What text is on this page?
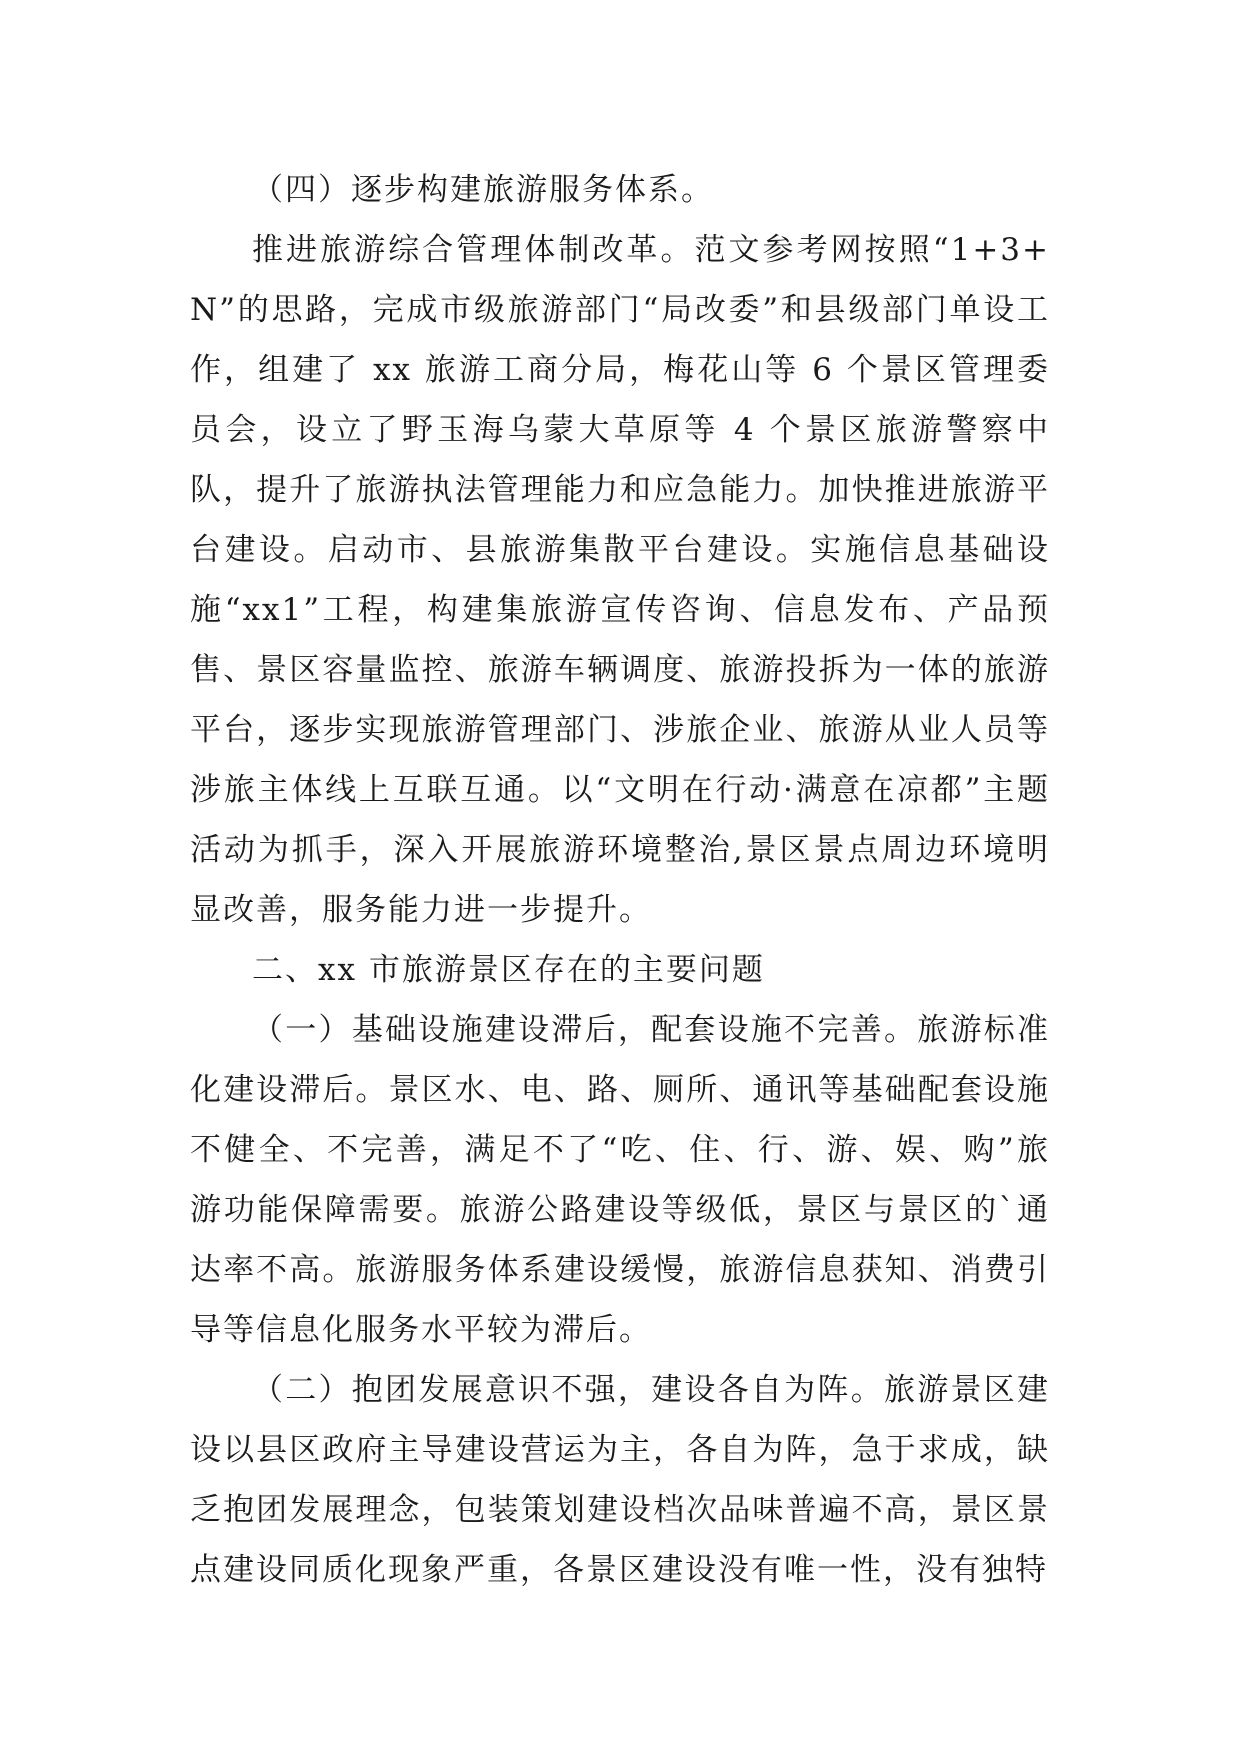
（四）逐步构建旅游服务体系。

推进旅游综合管理体制改革。范文参考网按照“1+3+N”的思路，完成市级旅游部门“局改委”和县级部门单设工作，组建了 xx 旅游工商分局，梅花山等 6 个景区管理委员会，设立了野玉海乌蒙大草原等 4 个景区旅游警察中队，提升了旅游执法管理能力和应急能力。加快推进旅游平台建设。启动市、县旅游集散平台建设。实施信息基础设施“xx1”工程，构建集旅游宣传咨询、信息发布、产品预售、景区容量监控、旅游车辆调度、旅游投拆为一体的旅游平台，逐步实现旅游管理部门、涉旅企业、旅游从业人员等涉旅主体线上互联互通。以“文明在行动·满意在凉都”主题活动为抓手，深入开展旅游环境整治,景区景点周边环境明显改善，服务能力进一步提升。

二、xx 市旅游景区存在的主要问题

（一）基础设施建设滞后，配套设施不完善。旅游标准化建设滞后。景区水、电、路、厕所、通讯等基础配套设施不健全、不完善，满足不了“吃、住、行、游、娱、购”旅游功能保障需要。旅游公路建设等级低，景区与景区的`通达率不高。旅游服务体系建设缓慢，旅游信息获知、消费引导等信息化服务水平较为滞后。

（二）抱团发展意识不强，建设各自为阵。旅游景区建设以县区政府主导建设营运为主，各自为阵，急于求成，缺乏抱团发展理念，包装策划建设档次品味普遍不高，景区景点建设同质化现象严重，各景区建设没有唯一性，没有独特
